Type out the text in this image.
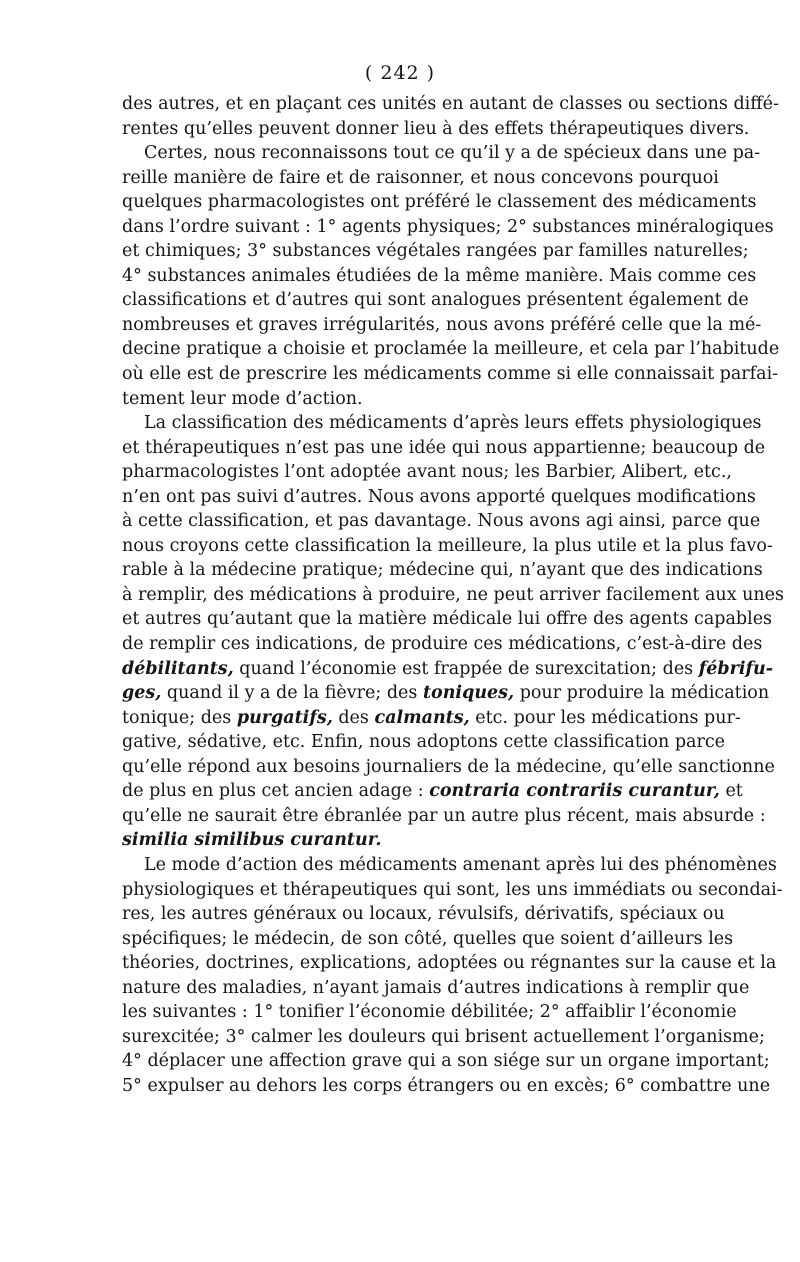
( 242 )
des autres, et en plaçant ces unités en autant de classes ou sections diffé-
rentes qu’elles peuvent donner lieu à des effets thérapeutiques divers.
Certes, nous reconnaissons tout ce qu’il y a de spécieux dans une pa-
reille manière de faire et de raisonner, et nous concevons pourquoi
quelques pharmacologistes ont préféré le classement des médicaments
dans l’ordre suivant : 1° agents physiques; 2° substances minéralogiques
et chimiques; 3° substances végétales rangées par familles naturelles;
4° substances animales étudiées de la même manière. Mais comme ces
classifications et d’autres qui sont analogues présentent également de
nombreuses et graves irrégularités, nous avons préféré celle que la mé-
decine pratique a choisie et proclamée la meilleure, et cela par l’habitude
où elle est de prescrire les médicaments comme si elle connaissait parfai-
tement leur mode d’action.
La classification des médicaments d’après leurs effets physiologiques
et thérapeutiques n’est pas une idée qui nous appartienne; beaucoup de
pharmacologistes l’ont adoptée avant nous; les Barbier, Alibert, etc.,
n’en ont pas suivi d’autres. Nous avons apporté quelques modifications
à cette classification, et pas davantage. Nous avons agi ainsi, parce que
nous croyons cette classification la meilleure, la plus utile et la plus favo-
rable à la médecine pratique; médecine qui, n’ayant que des indications
à remplir, des médications à produire, ne peut arriver facilement aux unes
et autres qu’autant que la matière médicale lui offre des agents capables
de remplir ces indications, de produire ces médications, c’est-à-dire des
débilitants, quand l’économie est frappée de surexcitation; des fébrifu-
ges, quand il y a de la fièvre; des toniques, pour produire la médication
tonique; des purgatifs, des calmants, etc. pour les médications pur-
gative, sédative, etc. Enfin, nous adoptons cette classification parce
qu’elle répond aux besoins journaliers de la médecine, qu’elle sanctionne
de plus en plus cet ancien adage : contraria contrariis curantur, et
qu’elle ne saurait être ébranlée par un autre plus récent, mais absurde :
similia similibus curantur.
Le mode d’action des médicaments amenant après lui des phénomènes
physiologiques et thérapeutiques qui sont, les uns immédiats ou secondai-
res, les autres généraux ou locaux, révulsifs, dérivatifs, spéciaux ou
spécifiques; le médecin, de son côté, quelles que soient d’ailleurs les
théories, doctrines, explications, adoptées ou régnantes sur la cause et la
nature des maladies, n’ayant jamais d’autres indications à remplir que
les suivantes : 1° tonifier l’économie débilitée; 2° affaiblir l’économie
surexcitée; 3° calmer les douleurs qui brisent actuellement l’organisme;
4° déplacer une affection grave qui a son siége sur un organe important;
5° expulser au dehors les corps étrangers ou en excès; 6° combattre une
